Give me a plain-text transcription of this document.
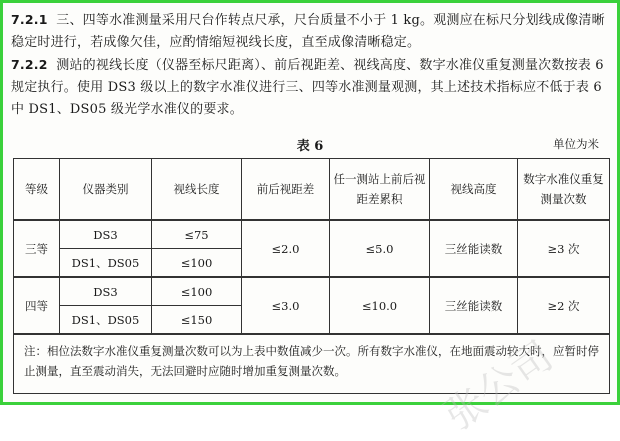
7.2.1 三、四等水准测量采用尺台作转点尺承，尺台质量不小于 1 kg。观测应在标尺分划线成像清晰稳定时进行，若成像欠佳，应酌情缩短视线长度，直至成像清晰稳定。
7.2.2 测站的视线长度（仪器至标尺距离）、前后视距差、视线高度、数字水准仪重复测量次数按表 6 规定执行。使用 DS3 级以上的数字水准仪进行三、四等水准测量观测，其上述技术指标应不低于表 6 中 DS1、DS05 级光学水准仪的要求。
表 6	单位为米
等级	仪器类别	视线长度	前后视距差	任一测站上前后视距差累积	视线高度	数字水准仪重复测量次数
三等	DS3	≤75	≤2.0	≤5.0	三丝能读数	≥3 次
	DS1、DS05	≤100				
四等	DS3	≤100	≤3.0	≤10.0	三丝能读数	≥2 次
	DS1、DS05	≤150				
注：相位法数字水准仪重复测量次数可以为上表中数值减少一次。所有数字水准仪，在地面震动较大时，应暂时停止测量，直至震动消失，无法回避时应随时增加重复测量次数。						张公司
